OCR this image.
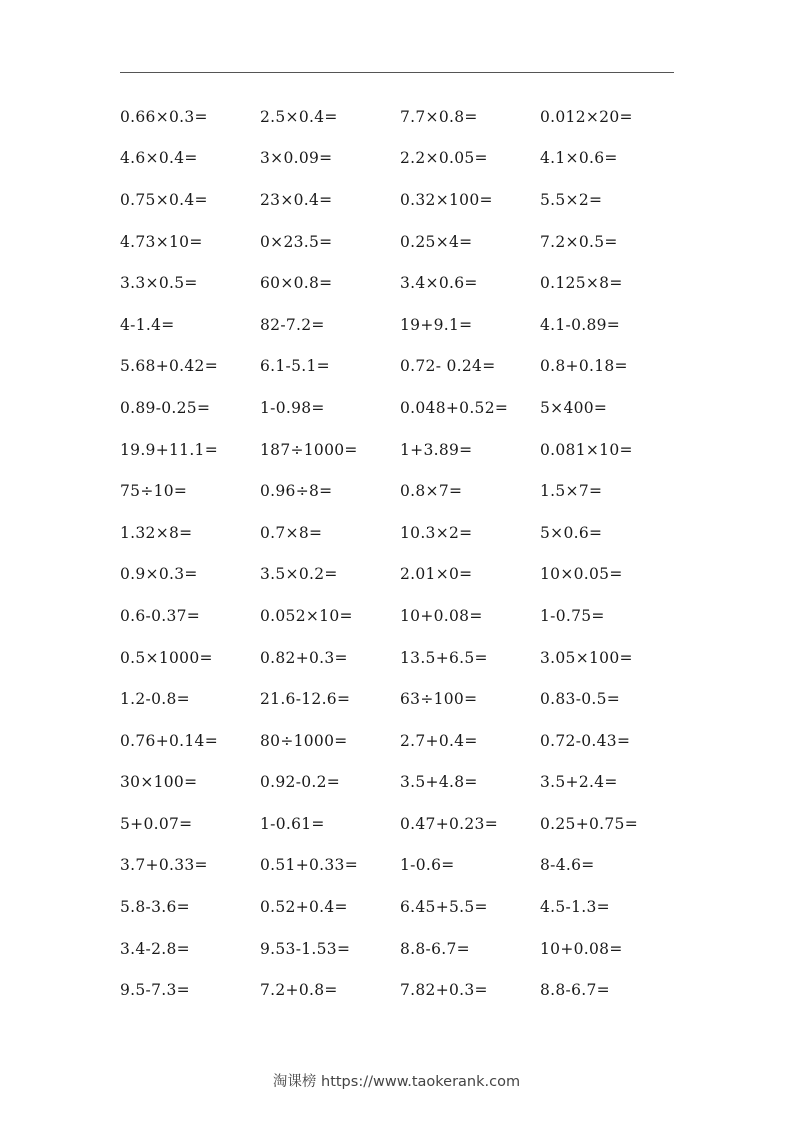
0.66×0.3=	2.5×0.4=	7.7×0.8=	0.012×20=
4.6×0.4=	3×0.09=	2.2×0.05=	4.1×0.6=
0.75×0.4=	23×0.4=	0.32×100=	5.5×2=
4.73×10=	0×23.5=	0.25×4=	7.2×0.5=
3.3×0.5=	60×0.8=	3.4×0.6=	0.125×8=
4-1.4=	82-7.2=	19+9.1=	4.1-0.89=
5.68+0.42=	6.1-5.1=	0.72- 0.24=	0.8+0.18=
0.89-0.25=	1-0.98=	0.048+0.52=	5×400=
19.9+11.1=	187÷1000=	1+3.89=	0.081×10=
75÷10=	0.96÷8=	0.8×7=	1.5×7=
1.32×8=	0.7×8=	10.3×2=	5×0.6=
0.9×0.3=	3.5×0.2=	2.01×0=	10×0.05=
0.6-0.37=	0.052×10=	10+0.08=	1-0.75=
0.5×1000=	0.82+0.3=	13.5+6.5=	3.05×100=
1.2-0.8=	21.6-12.6=	63÷100=	0.83-0.5=
0.76+0.14=	80÷1000=	2.7+0.4=	0.72-0.43=
30×100=	0.92-0.2=	3.5+4.8=	3.5+2.4=
5+0.07=	1-0.61=	0.47+0.23=	0.25+0.75=
3.7+0.33=	0.51+0.33=	1-0.6=	8-4.6=
5.8-3.6=	0.52+0.4=	6.45+5.5=	4.5-1.3=
3.4-2.8=	9.53-1.53=	8.8-6.7=	10+0.08=
9.5-7.3=	7.2+0.8=	7.82+0.3=	8.8-6.7=
淘课榜 https://www.taokerank.com
